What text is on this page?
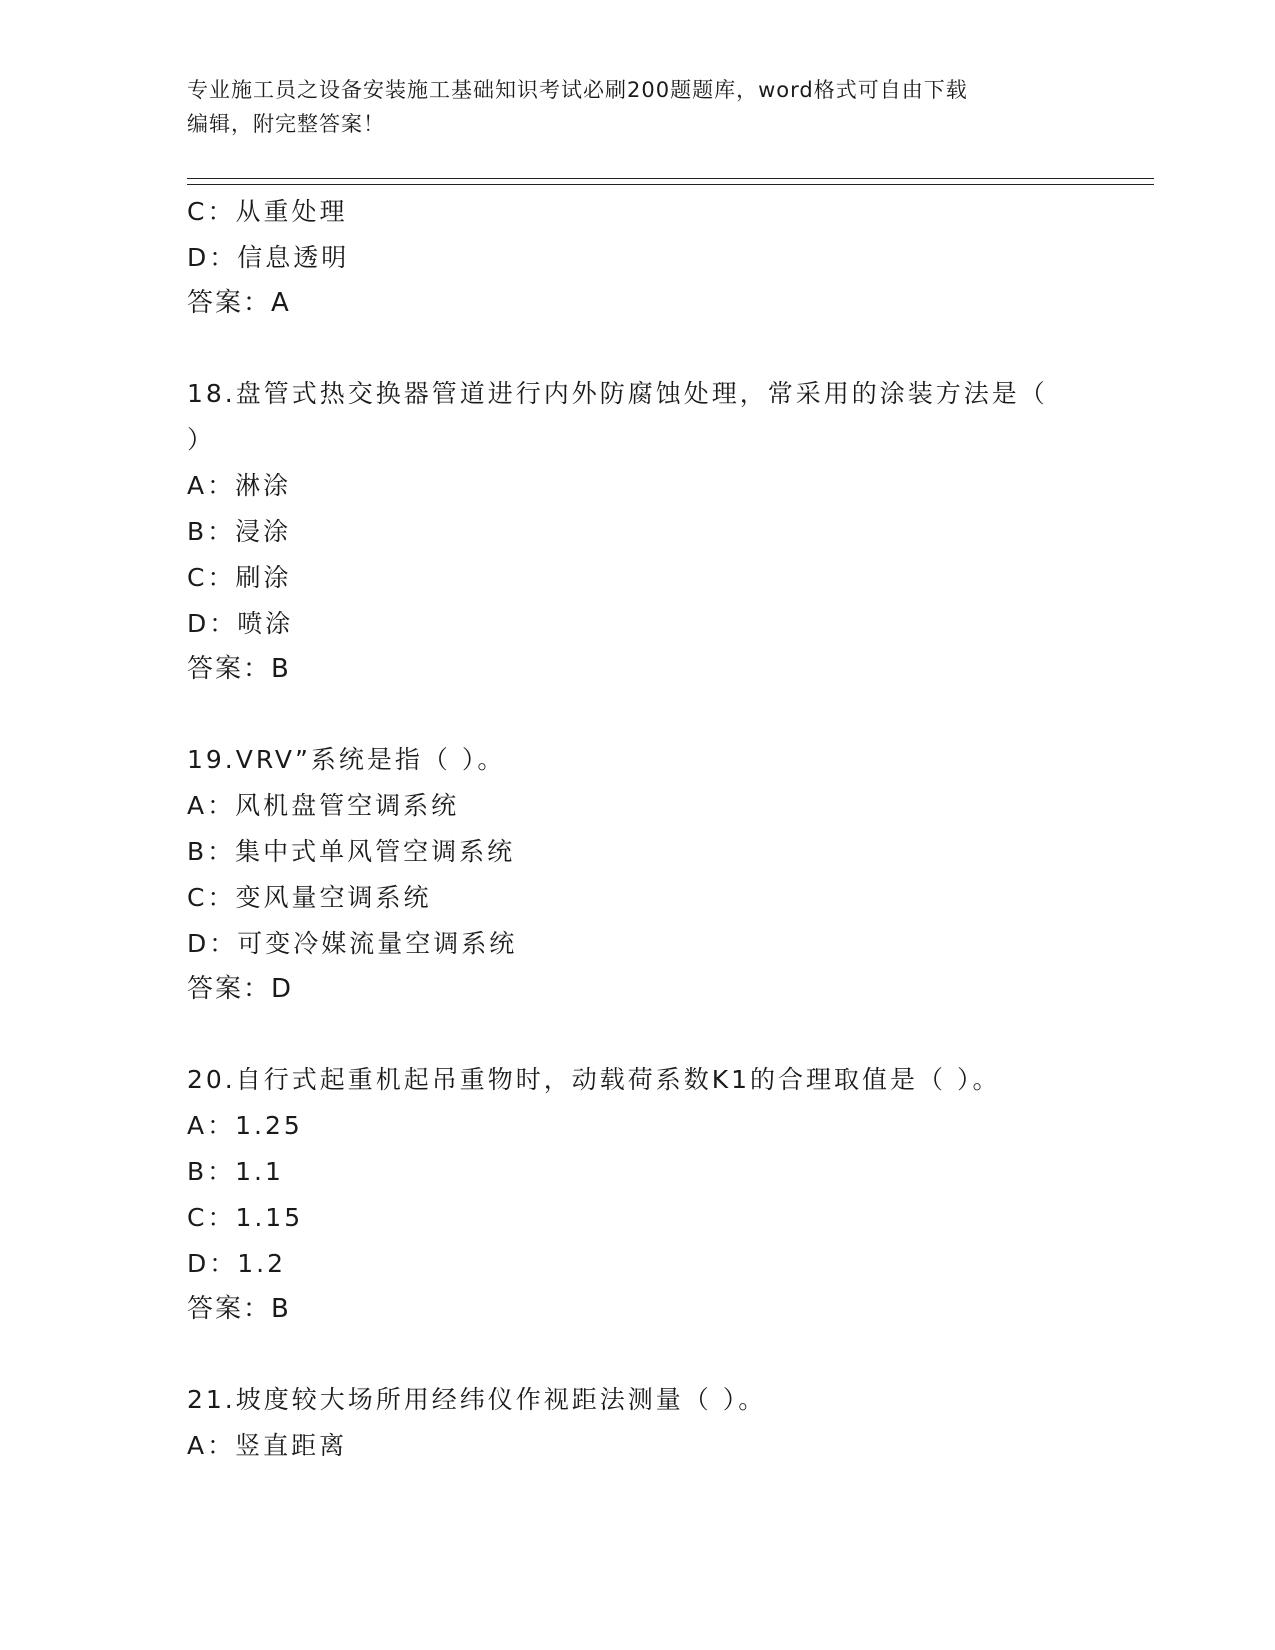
专业施工员之设备安装施工基础知识考试必刷200题题库，word格式可自由下载
编辑，附完整答案！
C：从重处理
D：信息透明
答案：A
18.盘管式热交换器管道进行内外防腐蚀处理，常采用的涂装方法是（
）
A：淋涂
B：浸涂
C：刷涂
D：喷涂
答案：B
19.VRV”系统是指（ ）。
A：风机盘管空调系统
B：集中式单风管空调系统
C：变风量空调系统
D：可变冷媒流量空调系统
答案：D
20.自行式起重机起吊重物时，动载荷系数K1的合理取值是（ ）。
A：1.25
B：1.1
C：1.15
D：1.2
答案：B
21.坡度较大场所用经纬仪作视距法测量（ ）。
A：竖直距离
